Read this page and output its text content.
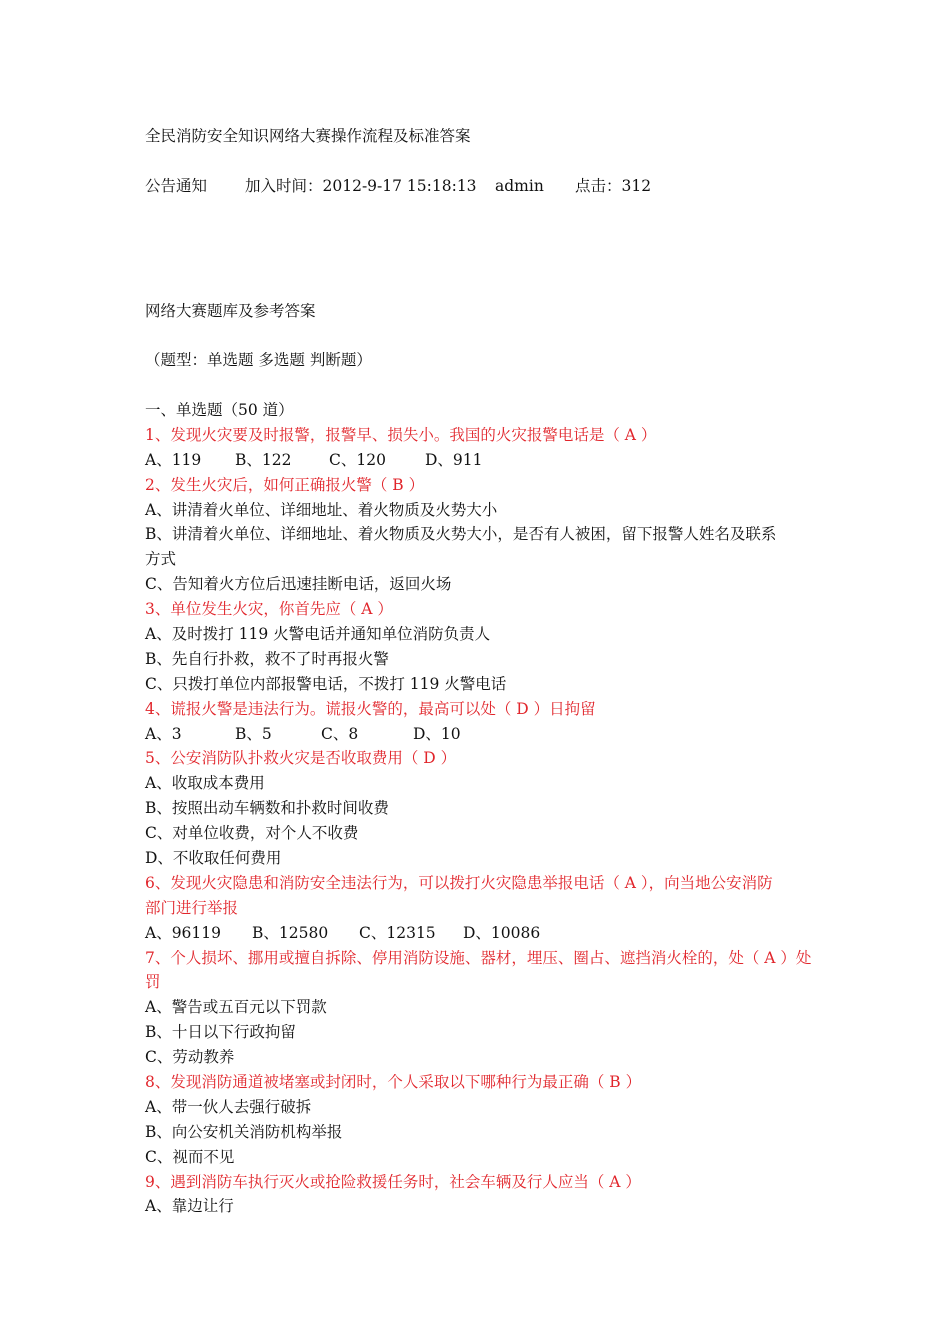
全民消防安全知识网络大赛操作流程及标准答案
公告通知 加入时间：2012-9-17 15:18:13 admin 点击：312
网络大赛题库及参考答案
（题型：单选题 多选题 判断题）
一、单选题（50 道）
1、发现火灾要及时报警，报警早、损失小。我国的火灾报警电话是（ A ）
A、119 B、122 C、120	D、911
2、发生火灾后，如何正确报火警（ B ）
A、讲清着火单位、详细地址、着火物质及火势大小
B、讲清着火单位、详细地址、着火物质及火势大小，是否有人被困，留下报警人姓名及联系
方式
C、告知着火方位后迅速挂断电话，返回火场
3、单位发生火灾，你首先应（ A ）
A、及时拨打 119 火警电话并通知单位消防负责人
B、先自行扑救，救不了时再报火警
C、只拨打单位内部报警电话，不拨打 119 火警电话
4、谎报火警是违法行为。谎报火警的，最高可以处（ D ）日拘留
A、3	B、5	C、8	D、10
5、公安消防队扑救火灾是否收取费用（ D ）
A、收取成本费用
B、按照出动车辆数和扑救时间收费
C、对单位收费，对个人不收费
D、不收取任何费用
6、发现火灾隐患和消防安全违法行为，可以拨打火灾隐患举报电话（ A ），向当地公安消防
部门进行举报
A、96119 B、12580 C、12315 D、10086
7、个人损坏、挪用或擅自拆除、停用消防设施、器材，埋压、圈占、遮挡消火栓的，处（ A ）处
罚
A、警告或五百元以下罚款
B、十日以下行政拘留
C、劳动教养
8、发现消防通道被堵塞或封闭时，个人采取以下哪种行为最正确（ B ）
A、带一伙人去强行破拆
B、向公安机关消防机构举报
C、视而不见
9、遇到消防车执行灭火或抢险救援任务时，社会车辆及行人应当（ A ）
A、靠边让行
